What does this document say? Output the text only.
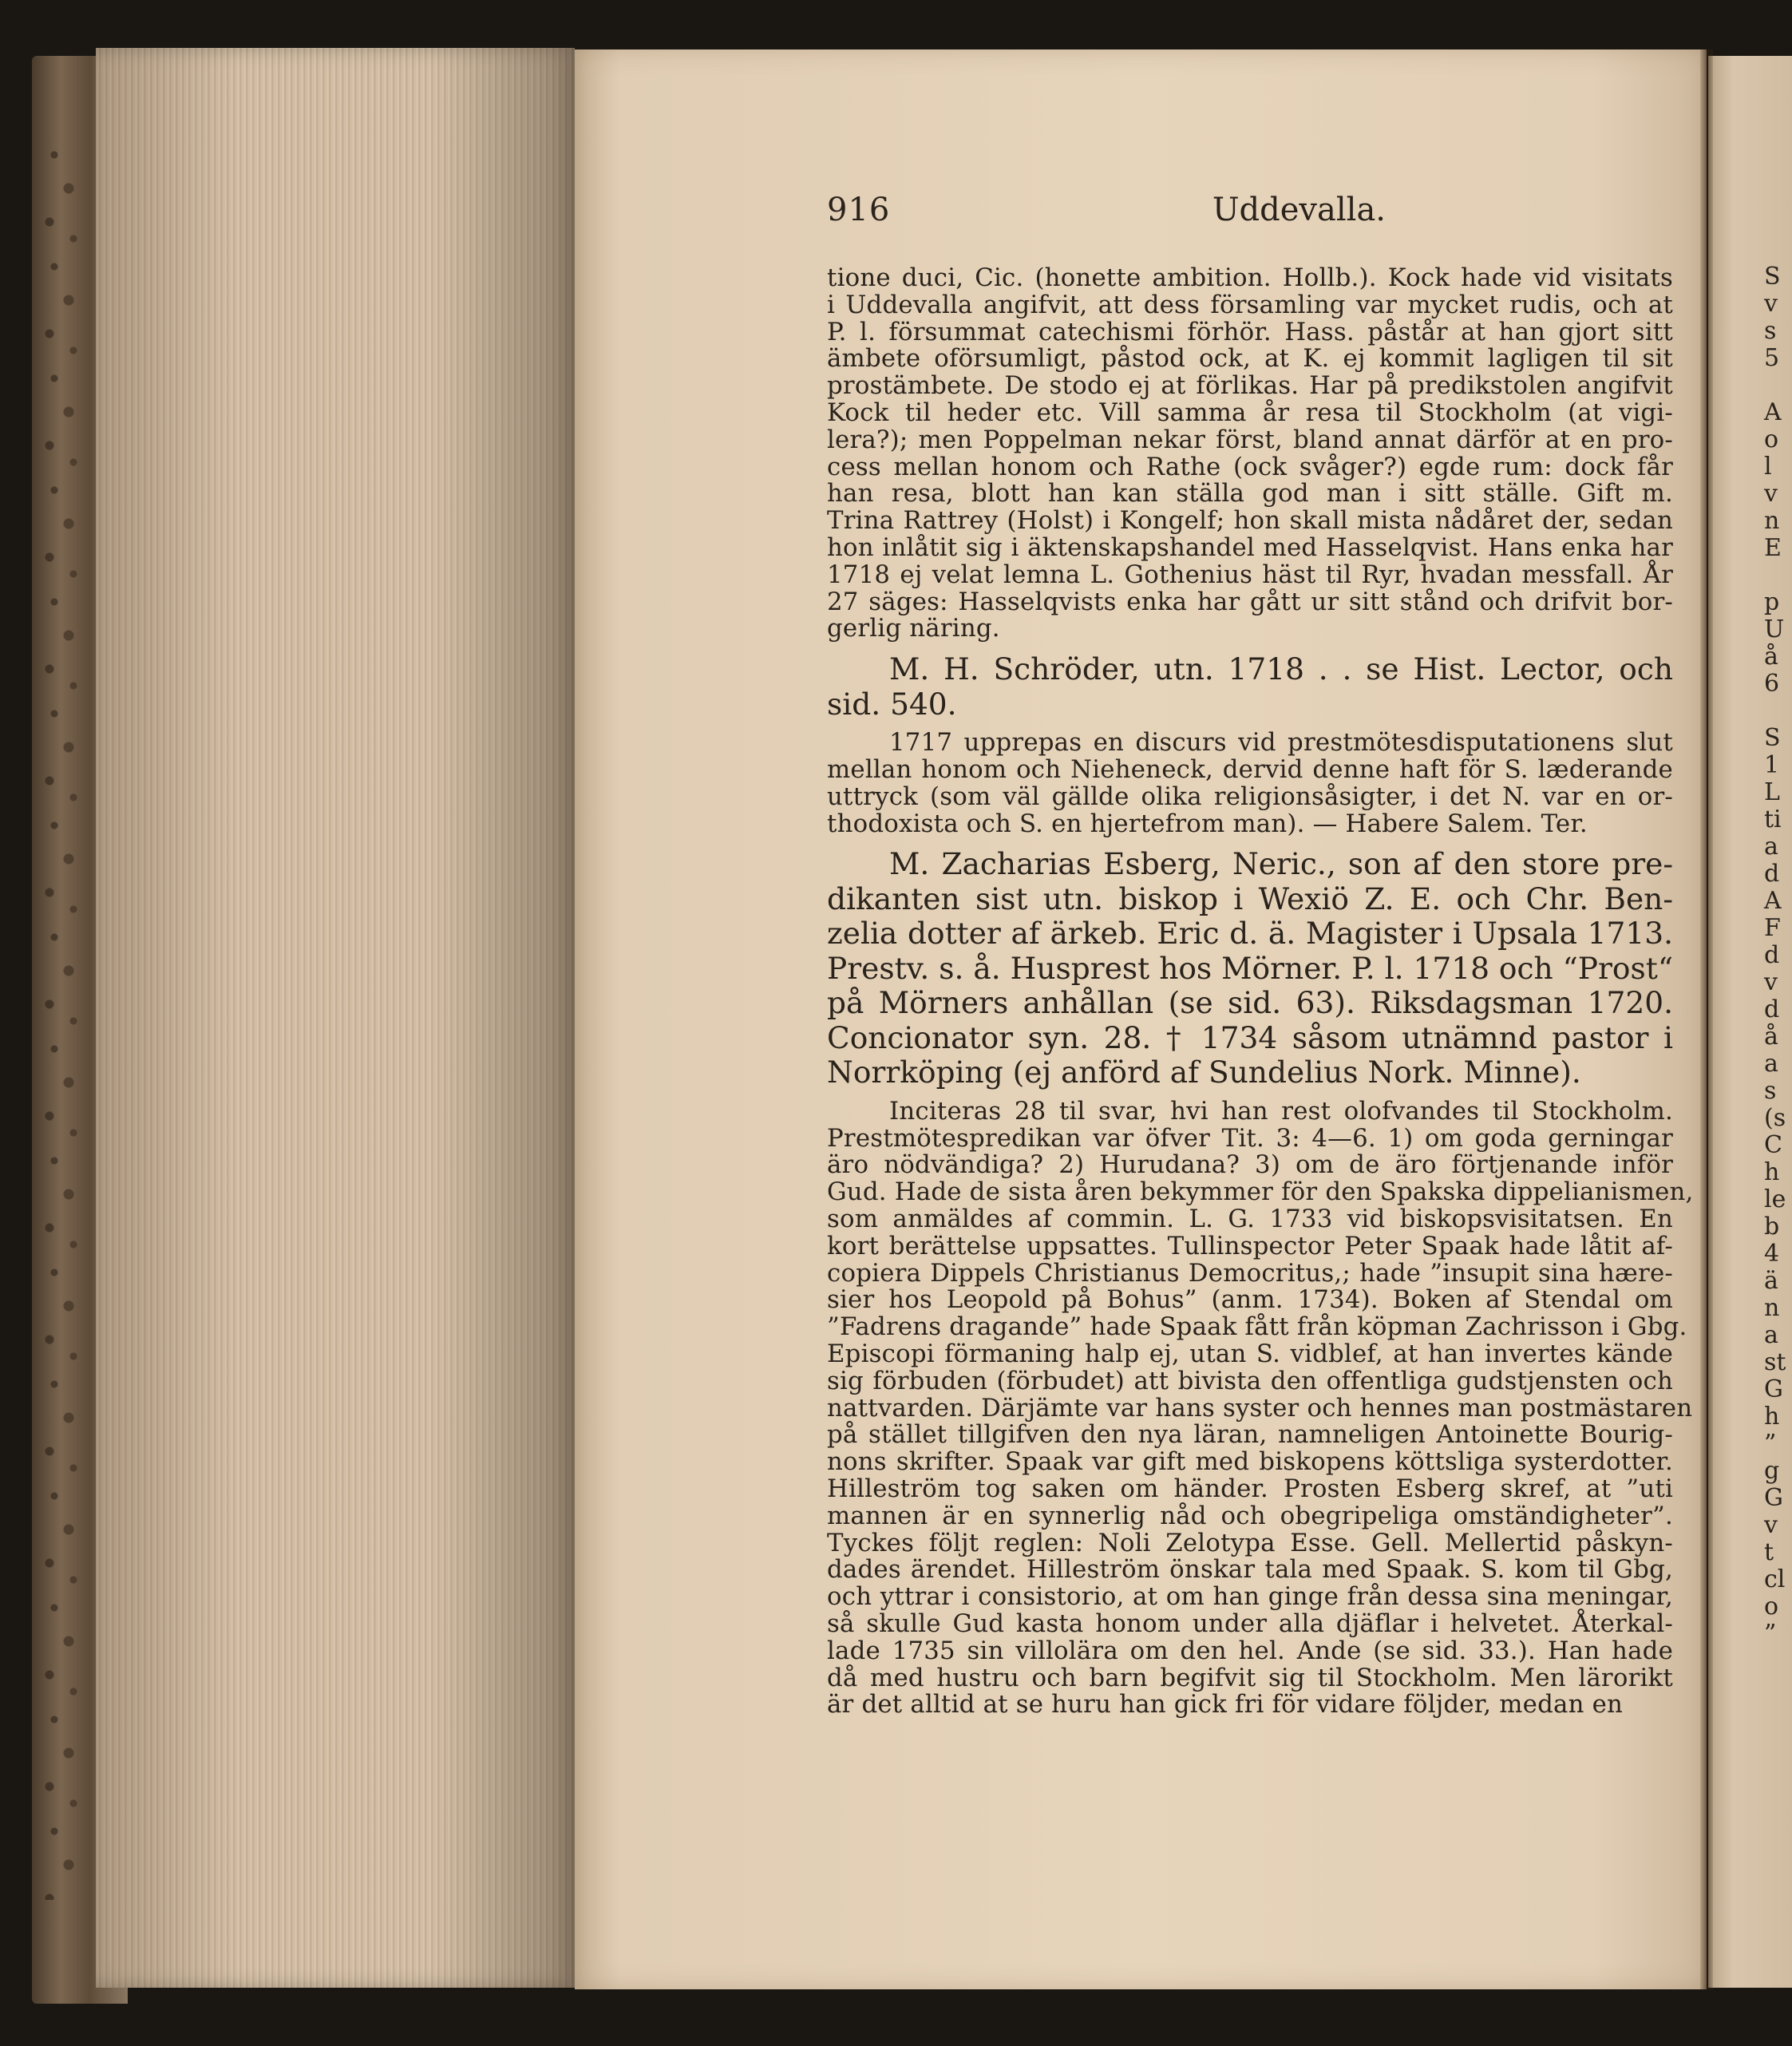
S
v
s
5

A
o
l
v
n
E

p
U
å
6

S
1
L
ti
a
d
A
F
d
v
d
å
a
s
(s
C
h
le
b
4
ä
n
a
st
G
h
”
g
G
v
t
cl
o
”
916	Uddevalla.

tione duci, Cic. (honette ambition. Hollb.). Kock hade vid visitats
i Uddevalla angifvit, att dess församling var mycket rudis, och at
P. l. försummat catechismi förhör. Hass. påstår at han gjort sitt
ämbete oförsumligt, påstod ock, at K. ej kommit lagligen til sit
prostämbete. De stodo ej at förlikas. Har på predikstolen angifvit
Kock til heder etc. Vill samma år resa til Stockholm (at vigi-
lera?); men Poppelman nekar först, bland annat därför at en pro-
cess mellan honom och Rathe (ock svåger?) egde rum: dock får
han resa, blott han kan ställa god man i sitt ställe. Gift m.
Trina Rattrey (Holst) i Kongelf; hon skall mista nådåret der, sedan
hon inlåtit sig i äktenskapshandel med Hasselqvist. Hans enka har
1718 ej velat lemna L. Gothenius häst til Ryr, hvadan messfall. År
27 säges: Hasselqvists enka har gått ur sitt stånd och drifvit bor-
gerlig näring.

M. H. Schröder, utn. 1718 . . se Hist. Lector, och
sid. 540.

1717 upprepas en discurs vid prestmötesdisputationens slut
mellan honom och Nieheneck, dervid denne haft för S. læderande
uttryck (som väl gällde olika religionsåsigter, i det N. var en or-
thodoxista och S. en hjertefrom man). — Habere Salem. Ter.

M. Zacharias Esberg, Neric., son af den store pre-
dikanten sist utn. biskop i Wexiö Z. E. och Chr. Ben-
zelia dotter af ärkeb. Eric d. ä. Magister i Upsala 1713.
Prestv. s. å. Husprest hos Mörner. P. l. 1718 och “Prost“
på Mörners anhållan (se sid. 63). Riksdagsman 1720.
Concionator syn. 28. † 1734 såsom utnämnd pastor i
Norrköping (ej anförd af Sundelius Nork. Minne).

Inciteras 28 til svar, hvi han rest olofvandes til Stockholm.
Prestmötespredikan var öfver Tit. 3: 4—6. 1) om goda gerningar
äro nödvändiga? 2) Hurudana? 3) om de äro förtjenande inför
Gud. Hade de sista åren bekymmer för den Spakska dippelianismen,
som anmäldes af commin. L. G. 1733 vid biskopsvisitatsen. En
kort berättelse uppsattes. Tullinspector Peter Spaak hade låtit af-
copiera Dippels Christianus Democritus,; hade ”insupit sina hære-
sier hos Leopold på Bohus” (anm. 1734). Boken af Stendal om
”Fadrens dragande” hade Spaak fått från köpman Zachrisson i Gbg.
Episcopi förmaning halp ej, utan S. vidblef, at han invertes kände
sig förbuden (förbudet) att bivista den offentliga gudstjensten och
nattvarden. Därjämte var hans syster och hennes man postmästaren
på stället tillgifven den nya läran, namneligen Antoinette Bourig-
nons skrifter. Spaak var gift med biskopens köttsliga systerdotter.
Hilleström tog saken om händer. Prosten Esberg skref, at ”uti
mannen är en synnerlig nåd och obegripeliga omständigheter”.
Tyckes följt reglen: Noli Zelotypa Esse. Gell. Mellertid påskyn-
dades ärendet. Hilleström önskar tala med Spaak. S. kom til Gbg,
och yttrar i consistorio, at om han ginge från dessa sina meningar,
så skulle Gud kasta honom under alla djäflar i helvetet. Återkal-
lade 1735 sin villolära om den hel. Ande (se sid. 33.). Han hade
då med hustru och barn begifvit sig til Stockholm. Men lärorikt
är det alltid at se huru han gick fri för vidare följder, medan en
